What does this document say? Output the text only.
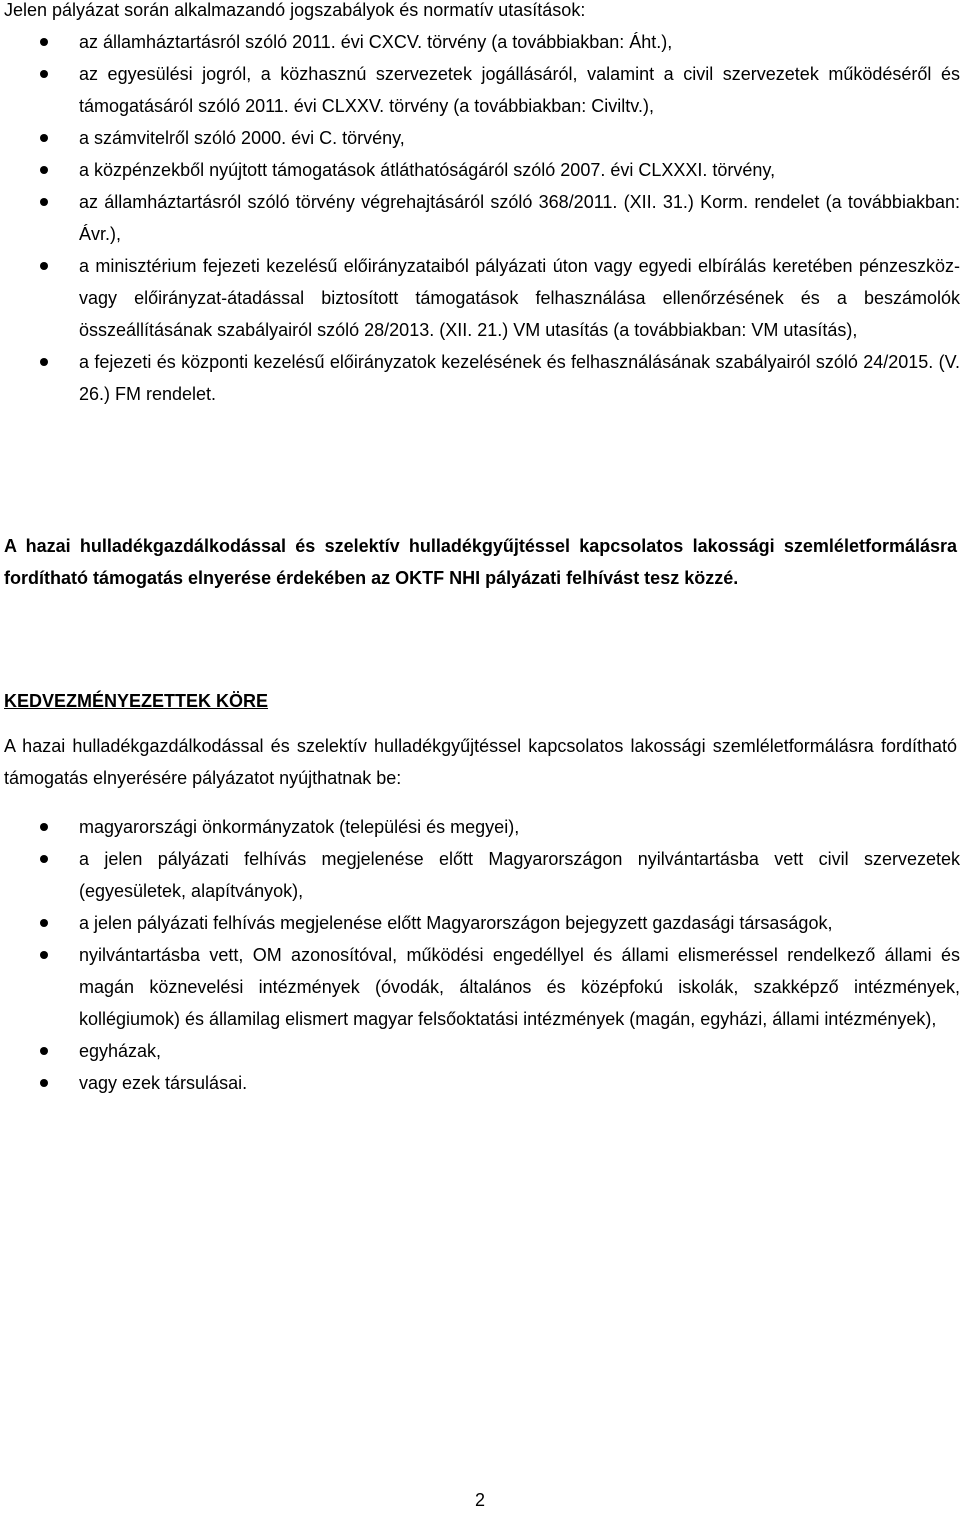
Jelen pályázat során alkalmazandó jogszabályok és normatív utasítások:

az államháztartásról szóló 2011. évi CXCV. törvény (a továbbiakban: Áht.),
az egyesülési jogról, a közhasznú szervezetek jogállásáról, valamint a civil szervezetek működéséről és támogatásáról szóló 2011. évi CLXXV. törvény (a továbbiakban: Civiltv.),
a számvitelről szóló 2000. évi C. törvény,
a közpénzekből nyújtott támogatások átláthatóságáról szóló 2007. évi CLXXXI. törvény,
az államháztartásról szóló törvény végrehajtásáról szóló 368/2011. (XII. 31.) Korm. rendelet (a továbbiakban: Ávr.),
a minisztérium fejezeti kezelésű előirányzataiból pályázati úton vagy egyedi elbírálás keretében pénzeszköz- vagy előirányzat-átadással biztosított támogatások felhasználása ellenőrzésének és a beszámolók összeállításának szabályairól szóló 28/2013. (XII. 21.) VM utasítás (a továbbiakban: VM utasítás),
a fejezeti és központi kezelésű előirányzatok kezelésének és felhasználásának szabályairól szóló 24/2015. (V. 26.) FM rendelet.

A hazai hulladékgazdálkodással és szelektív hulladékgyűjtéssel kapcsolatos lakossági szemléletformálásra fordítható támogatás elnyerése érdekében az OKTF NHI pályázati felhívást tesz közzé.

KEDVEZMÉNYEZETTEK KÖRE

A hazai hulladékgazdálkodással és szelektív hulladékgyűjtéssel kapcsolatos lakossági szemléletformálásra fordítható támogatás elnyerésére pályázatot nyújthatnak be:

magyarországi önkormányzatok (települési és megyei),
a jelen pályázati felhívás megjelenése előtt Magyarországon nyilvántartásba vett civil szervezetek (egyesületek, alapítványok),
a jelen pályázati felhívás megjelenése előtt Magyarországon bejegyzett gazdasági társaságok,
nyilvántartásba vett, OM azonosítóval, működési engedéllyel és állami elismeréssel rendelkező állami és magán köznevelési intézmények (óvodák, általános és középfokú iskolák, szakképző intézmények, kollégiumok) és államilag elismert magyar felsőoktatási intézmények (magán, egyházi, állami intézmények),
egyházak,
vagy ezek társulásai.

2
